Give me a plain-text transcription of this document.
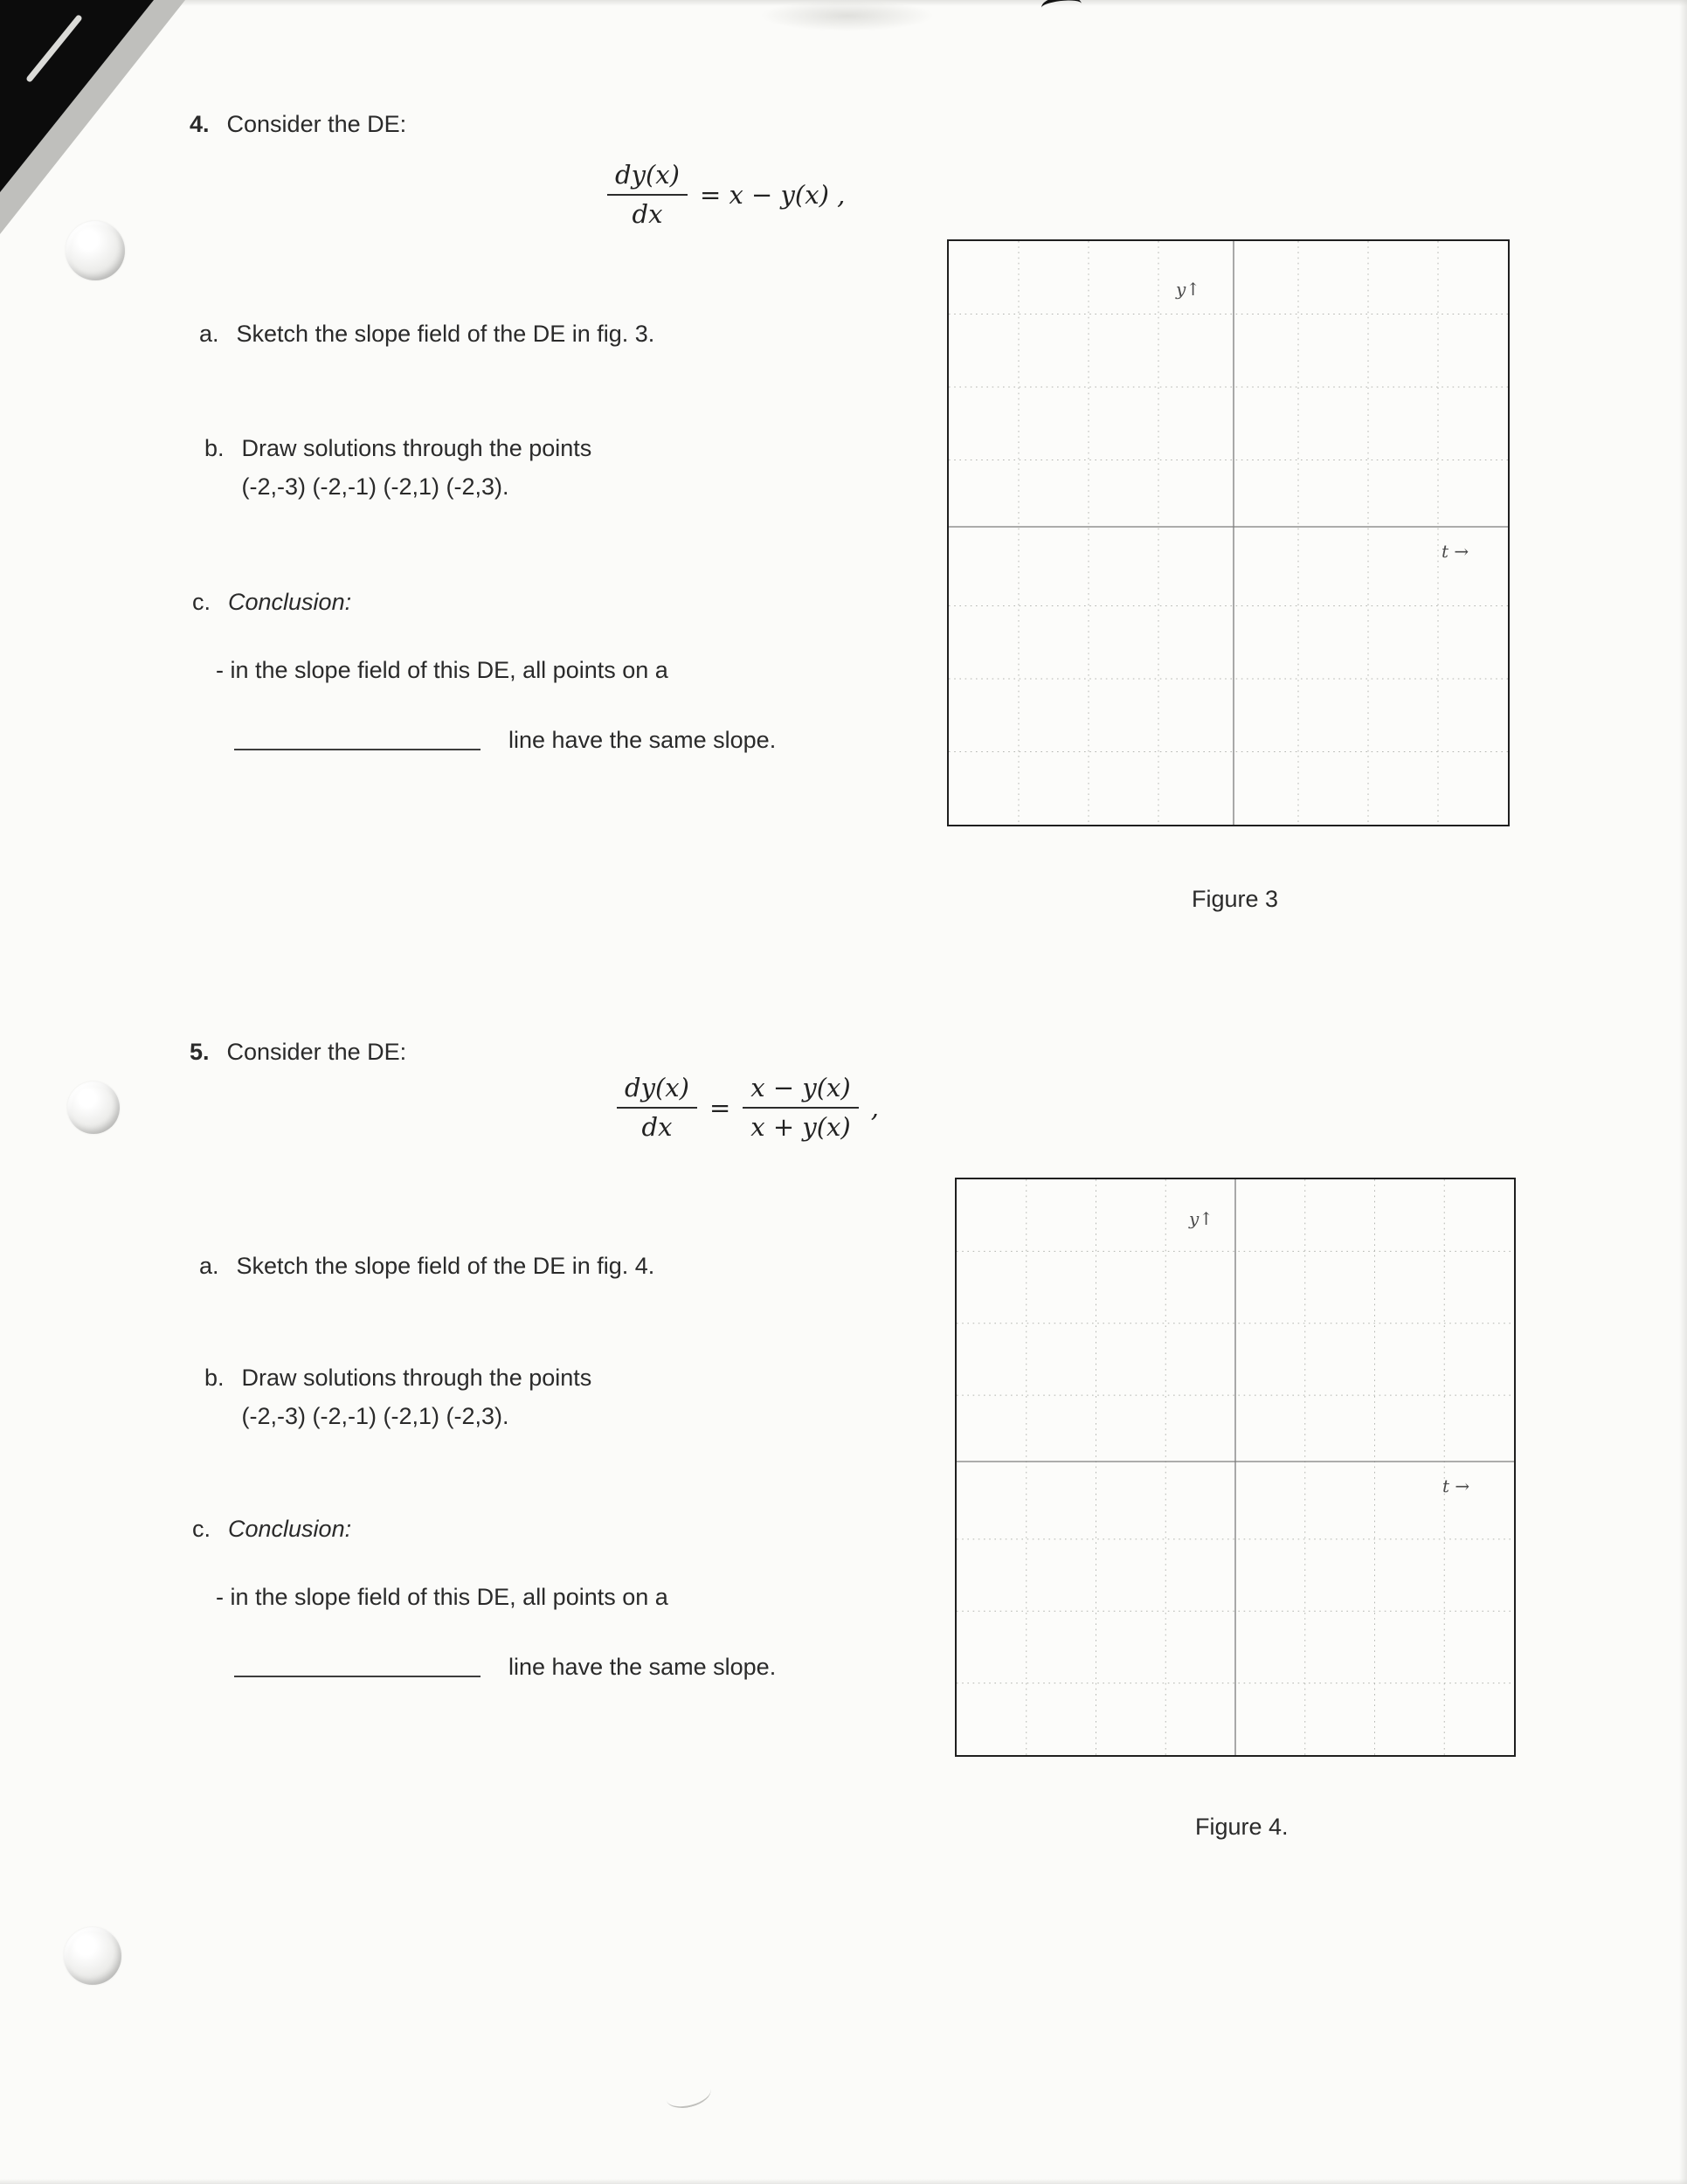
4. Consider the DE:
$\frac{dy(x)}{dx} = x - y(x)$ ,
a. Sketch the slope field of the DE in fig. 3.
b. Draw solutions through the points
(-2,-3) (-2,-1) (-2,1) (-2,3).
c. Conclusion:
- in the slope field of this DE, all points on a
line have the same slope.
y↑
t →
Figure 3
5. Consider the DE:
$\frac{dy(x)}{dx} = \frac{x - y(x)}{x + y(x)}$ ,
a. Sketch the slope field of the DE in fig. 4.
b. Draw solutions through the points
(-2,-3) (-2,-1) (-2,1) (-2,3).
c. Conclusion:
- in the slope field of this DE, all points on a
line have the same slope.
y↑
t →
Figure 4.
